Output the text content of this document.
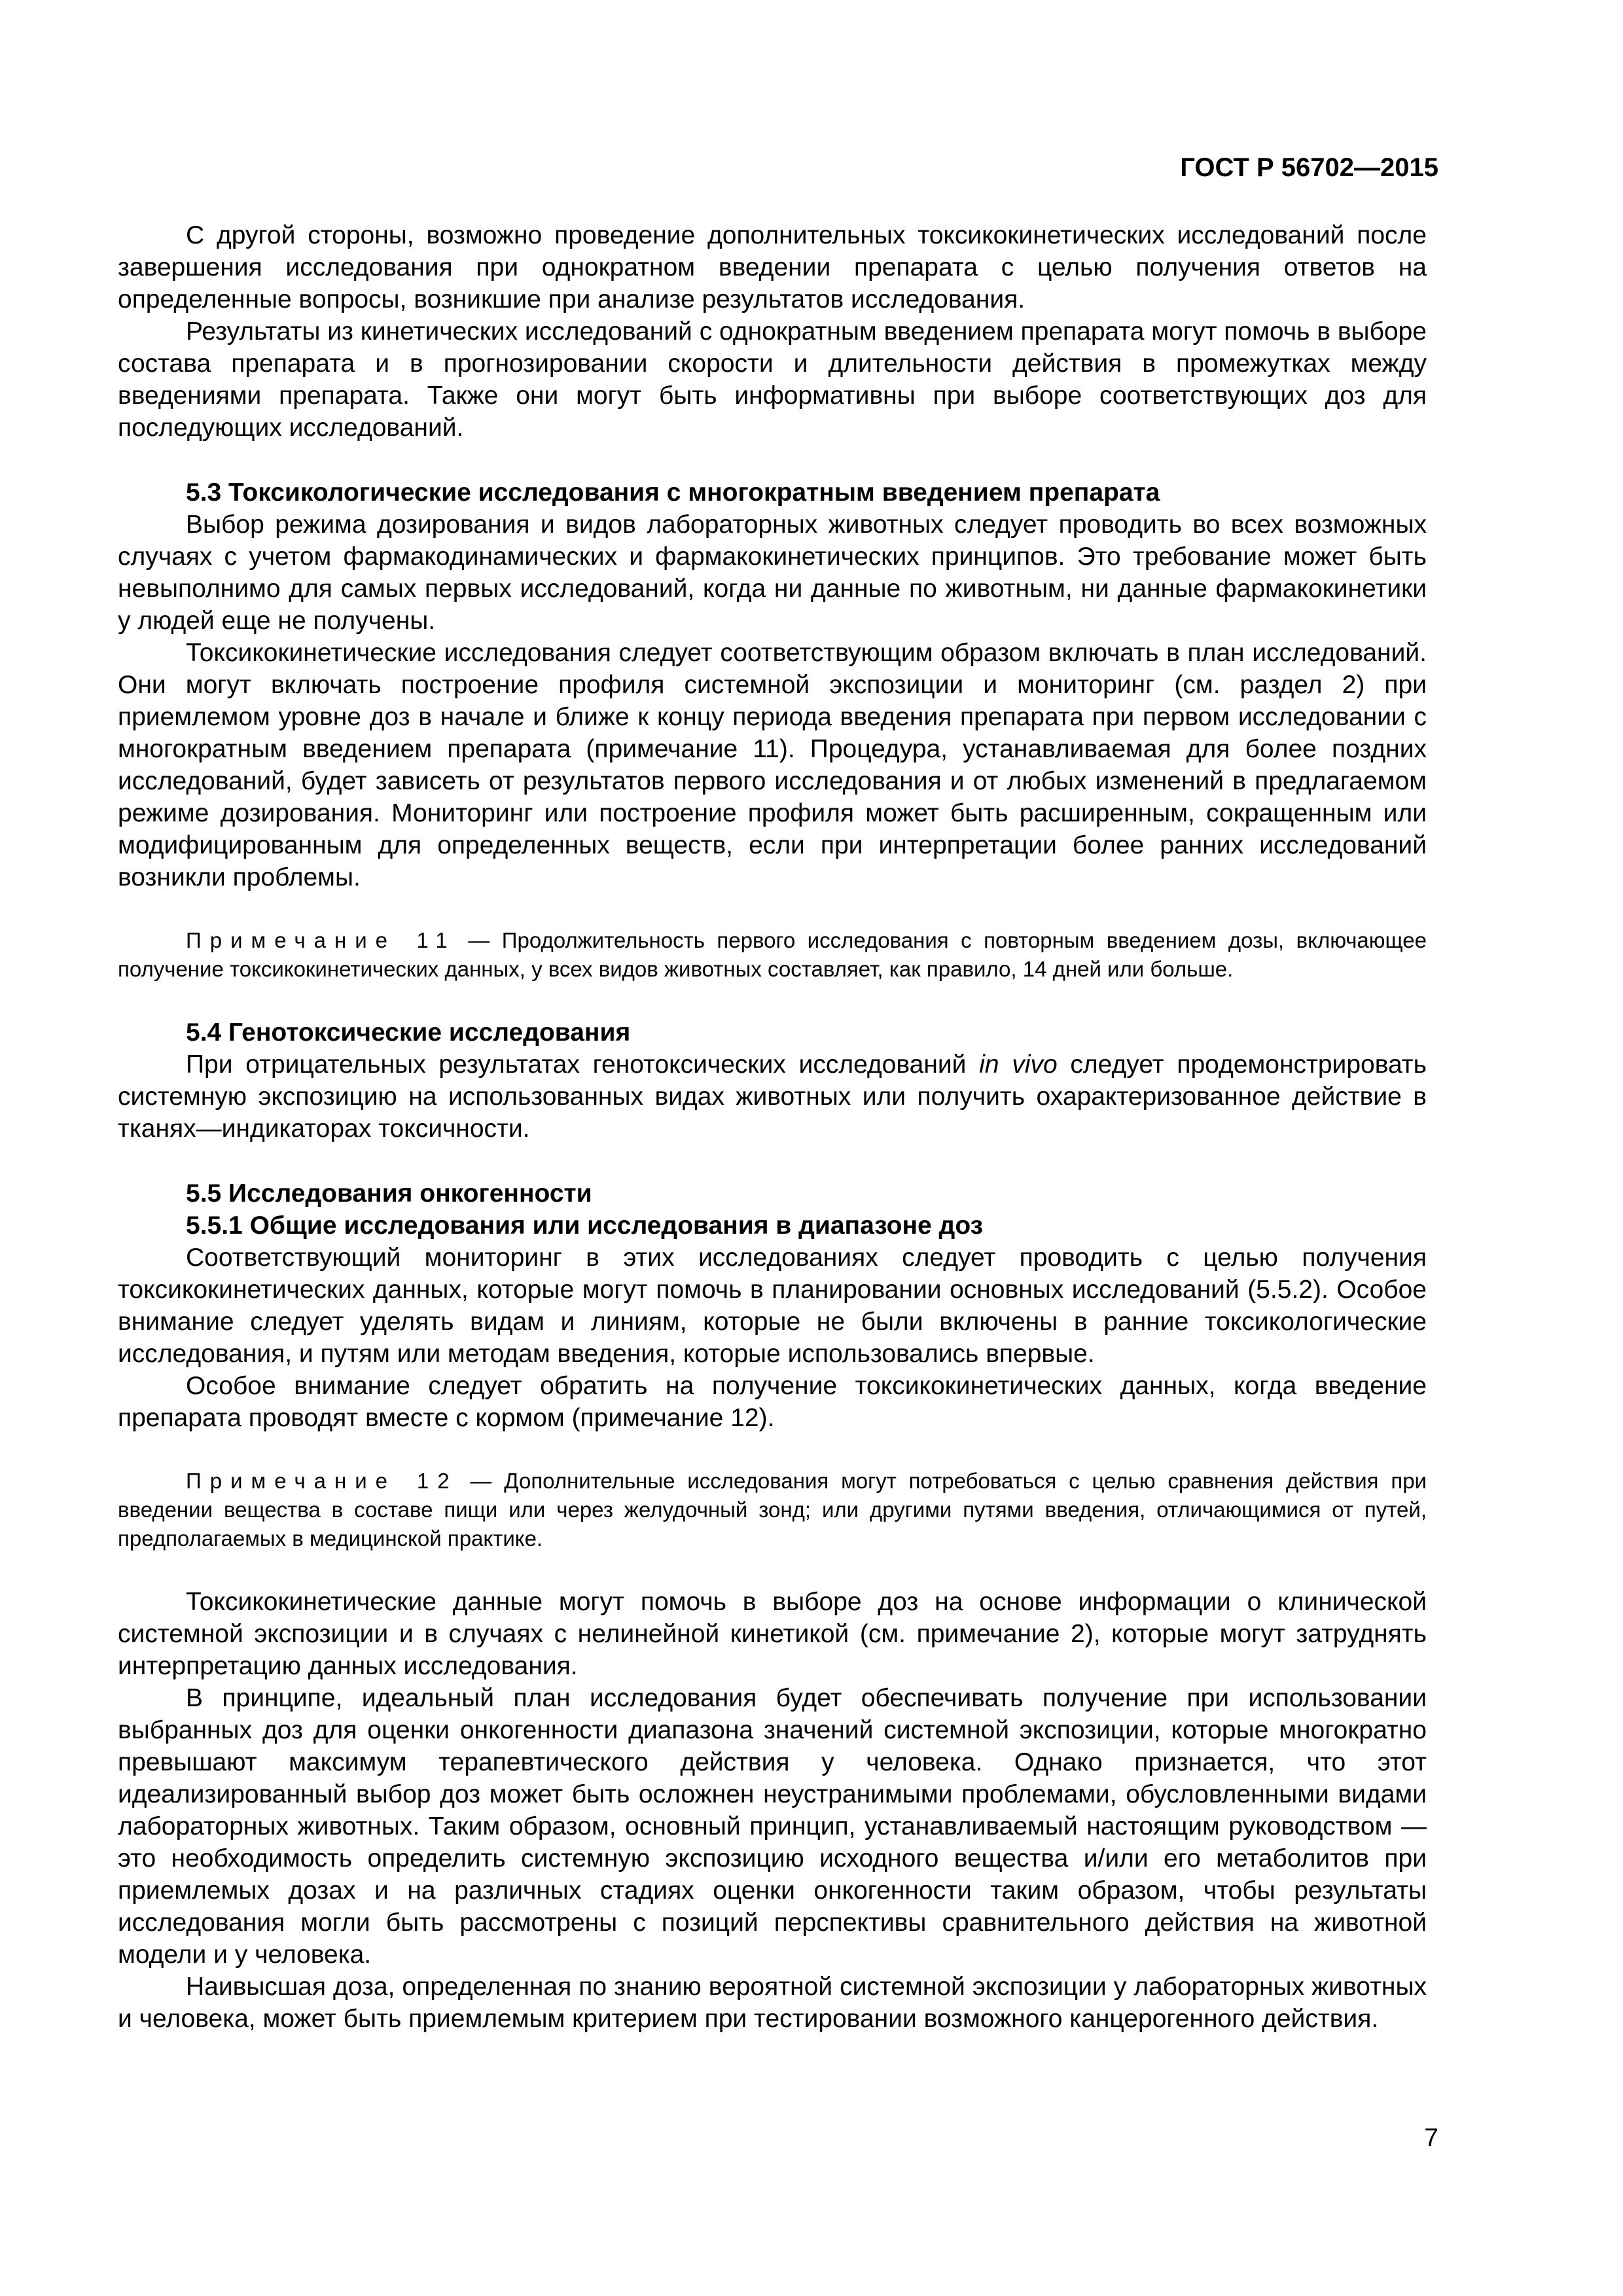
ГОСТ Р 56702—2015

С другой стороны, возможно проведение дополнительных токсикокинетических исследований после завершения исследования при однократном введении препарата с целью получения ответов на определенные вопросы, возникшие при анализе результатов исследования.

Результаты из кинетических исследований с однократным введением препарата могут помочь в выборе состава препарата и в прогнозировании скорости и длительности действия в промежутках между введениями препарата. Также они могут быть информативны при выборе соответствующих доз для последующих исследований.

5.3 Токсикологические исследования с многократным введением препарата

Выбор режима дозирования и видов лабораторных животных следует проводить во всех возможных случаях с учетом фармакодинамических и фармакокинетических принципов. Это требование может быть невыполнимо для самых первых исследований, когда ни данные по животным, ни данные фармакокинетики у людей еще не получены.

Токсикокинетические исследования следует соответствующим образом включать в план исследований. Они могут включать построение профиля системной экспозиции и мониторинг (см. раздел 2) при приемлемом уровне доз в начале и ближе к концу периода введения препарата при первом исследовании с многократным введением препарата (примечание 11). Процедура, устанавливаемая для более поздних исследований, будет зависеть от результатов первого исследования и от любых изменений в предлагаемом режиме дозирования. Мониторинг или построение профиля может быть расширенным, сокращенным или модифицированным для определенных веществ, если при интерпретации более ранних исследований возникли проблемы.

Примечание 11 — Продолжительность первого исследования с повторным введением дозы, включающее получение токсикокинетических данных, у всех видов животных составляет, как правило, 14 дней или больше.

5.4 Генотоксические исследования

При отрицательных результатах генотоксических исследований in vivo следует продемонстрировать системную экспозицию на использованных видах животных или получить охарактеризованное действие в тканях—индикаторах токсичности.

5.5 Исследования онкогенности
5.5.1 Общие исследования или исследования в диапазоне доз

Соответствующий мониторинг в этих исследованиях следует проводить с целью получения токсикокинетических данных, которые могут помочь в планировании основных исследований (5.5.2). Особое внимание следует уделять видам и линиям, которые не были включены в ранние токсикологические исследования, и путям или методам введения, которые использовались впервые.

Особое внимание следует обратить на получение токсикокинетических данных, когда введение препарата проводят вместе с кормом (примечание 12).

Примечание 12 — Дополнительные исследования могут потребоваться с целью сравнения действия при введении вещества в составе пищи или через желудочный зонд; или другими путями введения, отличающимися от путей, предполагаемых в медицинской практике.

Токсикокинетические данные могут помочь в выборе доз на основе информации о клинической системной экспозиции и в случаях с нелинейной кинетикой (см. примечание 2), которые могут затруднять интерпретацию данных исследования.

В принципе, идеальный план исследования будет обеспечивать получение при использовании выбранных доз для оценки онкогенности диапазона значений системной экспозиции, которые многократно превышают максимум терапевтического действия у человека. Однако признается, что этот идеализированный выбор доз может быть осложнен неустранимыми проблемами, обусловленными видами лабораторных животных. Таким образом, основный принцип, устанавливаемый настоящим руководством — это необходимость определить системную экспозицию исходного вещества и/или его метаболитов при приемлемых дозах и на различных стадиях оценки онкогенности таким образом, чтобы результаты исследования могли быть рассмотрены с позиций перспективы сравнительного действия на животной модели и у человека.

Наивысшая доза, определенная по знанию вероятной системной экспозиции у лабораторных животных и человека, может быть приемлемым критерием при тестировании возможного канцерогенного действия.

7
